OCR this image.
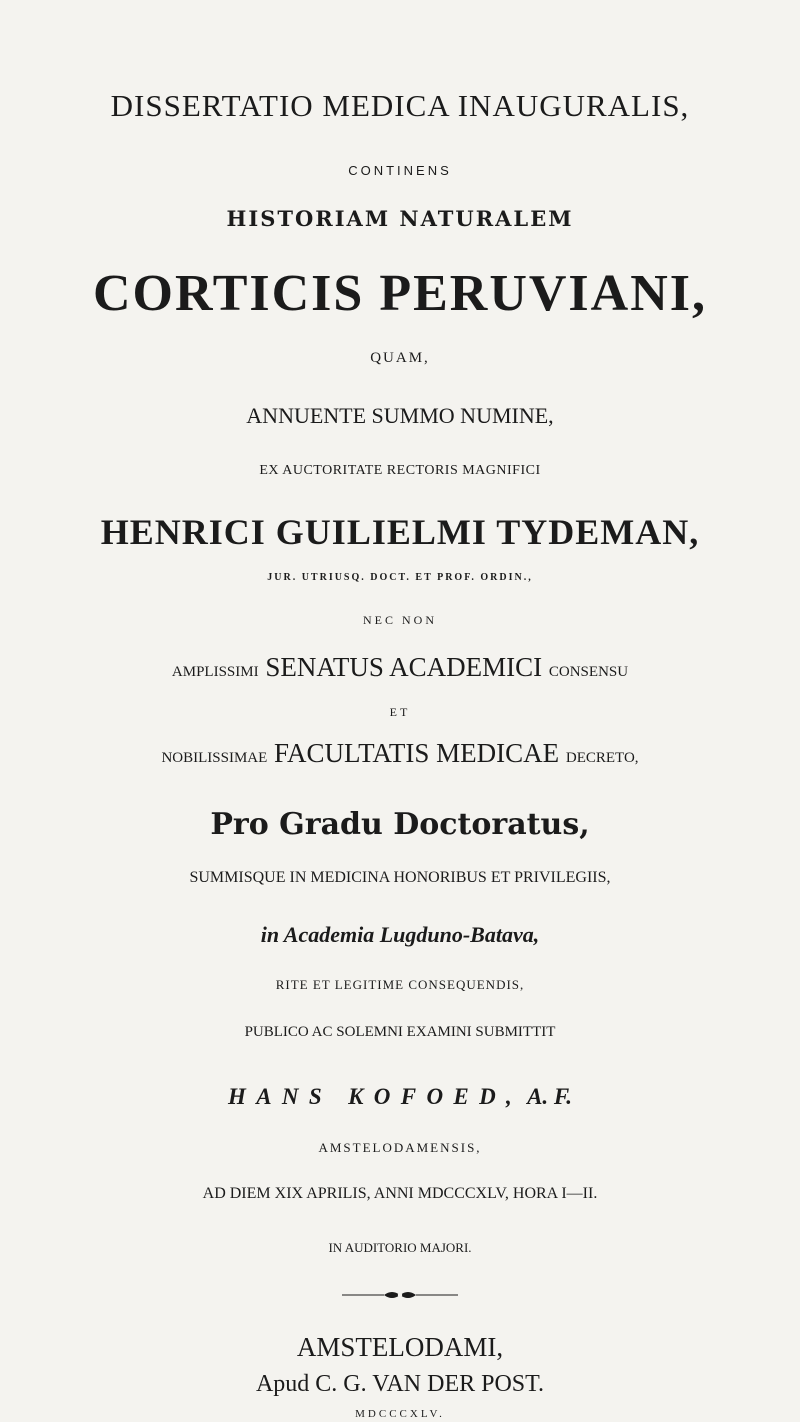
DISSERTATIO MEDICA INAUGURALIS,
CONTINENS
HISTORIAM NATURALEM
CORTICIS PERUVIANI,
QUAM,
ANNUENTE SUMMO NUMINE,
EX AUCTORITATE RECTORIS MAGNIFICI
HENRICI GUILIELMI TYDEMAN,
JUR. UTRIUSQ. DOCT. ET PROF. ORDIN.,
NEC NON
AMPLISSIMI SENATUS ACADEMICI CONSENSU
ET
NOBILISSIMAE FACULTATIS MEDICAE DECRETO,
Pro Gradu Doctoratus,
SUMMISQUE IN MEDICINA HONORIBUS ET PRIVILEGIIS,
in Academia Lugduno-Batava,
RITE ET LEGITIME CONSEQUENDIS,
PUBLICO AC SOLEMNI EXAMINI SUBMITTIT
HANS KOFOED, A. F.
AMSTELODAMENSIS,
AD DIEM XIX APRILIS, ANNI MDCCCXLV, HORA I—II.
IN AUDITORIO MAJORI.
AMSTELODAMI,
Apud C. G. VAN DER POST.
MDCCCXLV.
